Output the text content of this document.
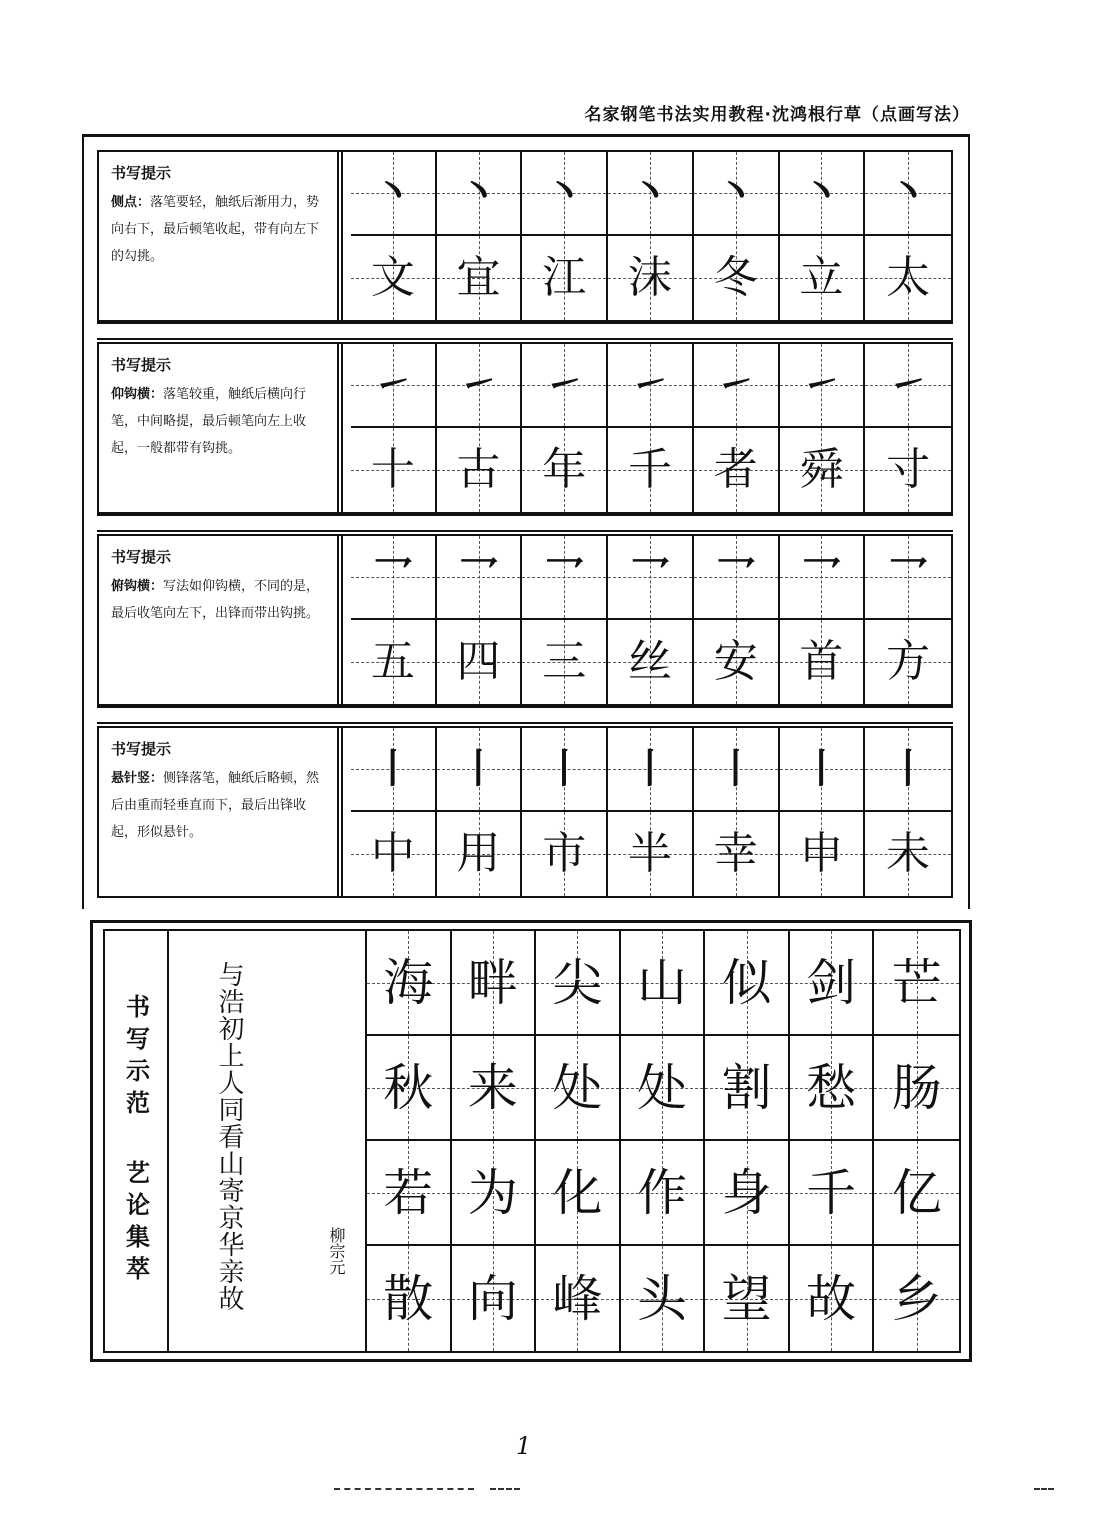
名家钢笔书法实用教程·沈鸿根行草（点画写法）
书写提示
侧点：落笔要轻，触纸后渐用力，势向右下，最后顿笔收起，带有向左下的勾挑。
丶 丶 丶 丶 丶 丶 丶
文 宜 江 沫 冬 立 太
书写提示
仰钩横：落笔较重，触纸后横向行笔，中间略提，最后顿笔向左上收起，一般都带有钩挑。
㇀ ㇀ ㇀ ㇀ ㇀ ㇀ ㇀
十 古 年 千 者 舜 寸
书写提示
俯钩横：写法如仰钩横，不同的是，最后收笔向左下，出锋而带出钩挑。
乛 乛 乛 乛 乛 乛 乛
五 四 三 丝 安 首 方
书写提示
悬针竖：侧锋落笔，触纸后略顿，然后由重而轻垂直而下，最后出锋收起，形似悬针。
丨 丨 丨 丨 丨 丨 丨
中 用 市 半 幸 申 未
书写示范
艺论集萃 与浩初上人同看山寄京华亲故	柳宗元
海 畔 尖 山 似 剑 芒
秋 来 处 处 割 愁 肠
若 为 化 作 身 千 亿
散 向 峰 头 望 故 乡
1
